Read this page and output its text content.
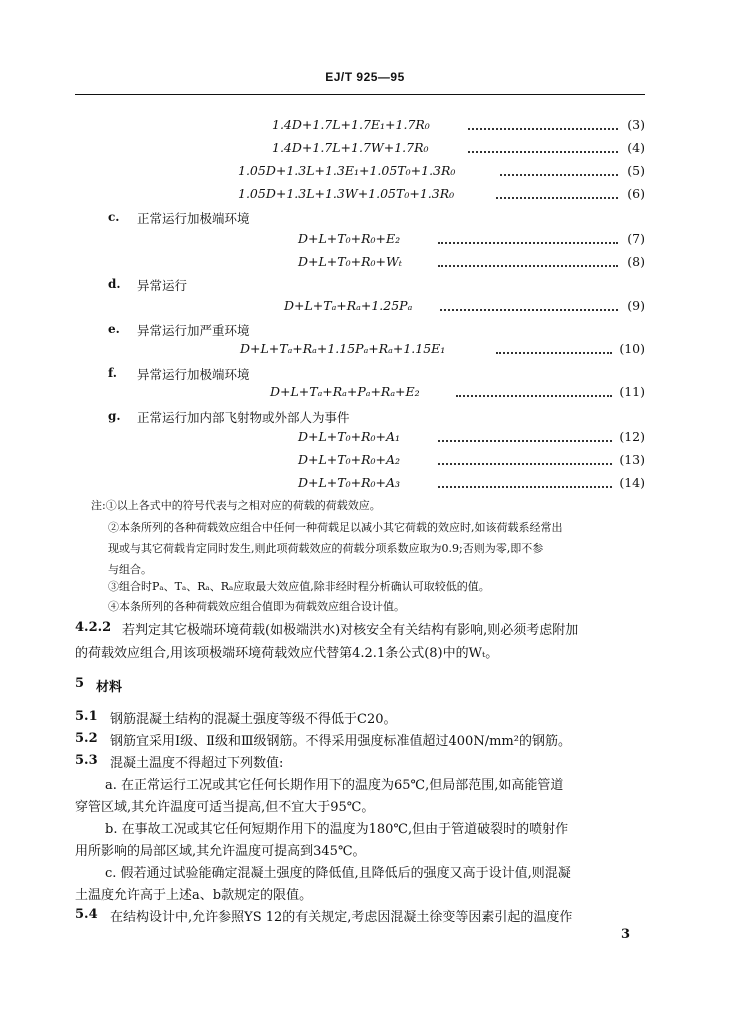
EJ/T 925—95
1.4D+1.7L+1.7E₁+1.7R₀	(3)
1.4D+1.7L+1.7W+1.7R₀	(4)
1.05D+1.3L+1.3E₁+1.05T₀+1.3R₀	(5)
1.05D+1.3L+1.3W+1.05T₀+1.3R₀	(6)
c. 正常运行加极端环境
D+L+T₀+R₀+E₂	(7)
D+L+T₀+R₀+Wₜ	(8)
d. 异常运行
D+L+Tₐ+Rₐ+1.25Pₐ	(9)
e. 异常运行加严重环境
D+L+Tₐ+Rₐ+1.15Pₐ+Rₐ+1.15E₁	(10)
f. 异常运行加极端环境
D+L+Tₐ+Rₐ+Pₐ+Rₐ+E₂	(11)
g. 正常运行加内部飞射物或外部人为事件
D+L+T₀+R₀+A₁	(12)
D+L+T₀+R₀+A₂	(13)
D+L+T₀+R₀+A₃	(14)
注:①以上各式中的符号代表与之相对应的荷载的荷载效应。
②本条所列的各种荷载效应组合中任何一种荷载足以减小其它荷载的效应时,如该荷载系经常出
现或与其它荷载肯定同时发生,则此项荷载效应的荷载分项系数应取为0.9;否则为零,即不参
与组合。
③组合时Pₐ、Tₐ、Rₐ、Rₐ应取最大效应值,除非经时程分析确认可取较低的值。
④本条所列的各种荷载效应组合值即为荷载效应组合设计值。
4.2.2 若判定其它极端环境荷载(如极端洪水)对核安全有关结构有影响,则必须考虑附加
的荷载效应组合,用该项极端环境荷载效应代替第4.2.1条公式(8)中的Wₜ。
5 材料
5.1 钢筋混凝土结构的混凝土强度等级不得低于C20。
5.2 钢筋宜采用Ⅰ级、Ⅱ级和Ⅲ级钢筋。不得采用强度标准值超过400N/mm²的钢筋。
5.3 混凝土温度不得超过下列数值:
a. 在正常运行工况或其它任何长期作用下的温度为65℃,但局部范围,如高能管道
穿管区域,其允许温度可适当提高,但不宜大于95℃。
b. 在事故工况或其它任何短期作用下的温度为180℃,但由于管道破裂时的喷射作
用所影响的局部区域,其允许温度可提高到345℃。
c. 假若通过试验能确定混凝土强度的降低值,且降低后的强度又高于设计值,则混凝
土温度允许高于上述a、b款规定的限值。
5.4 在结构设计中,允许参照YS 12的有关规定,考虑因混凝土徐变等因素引起的温度作
3
